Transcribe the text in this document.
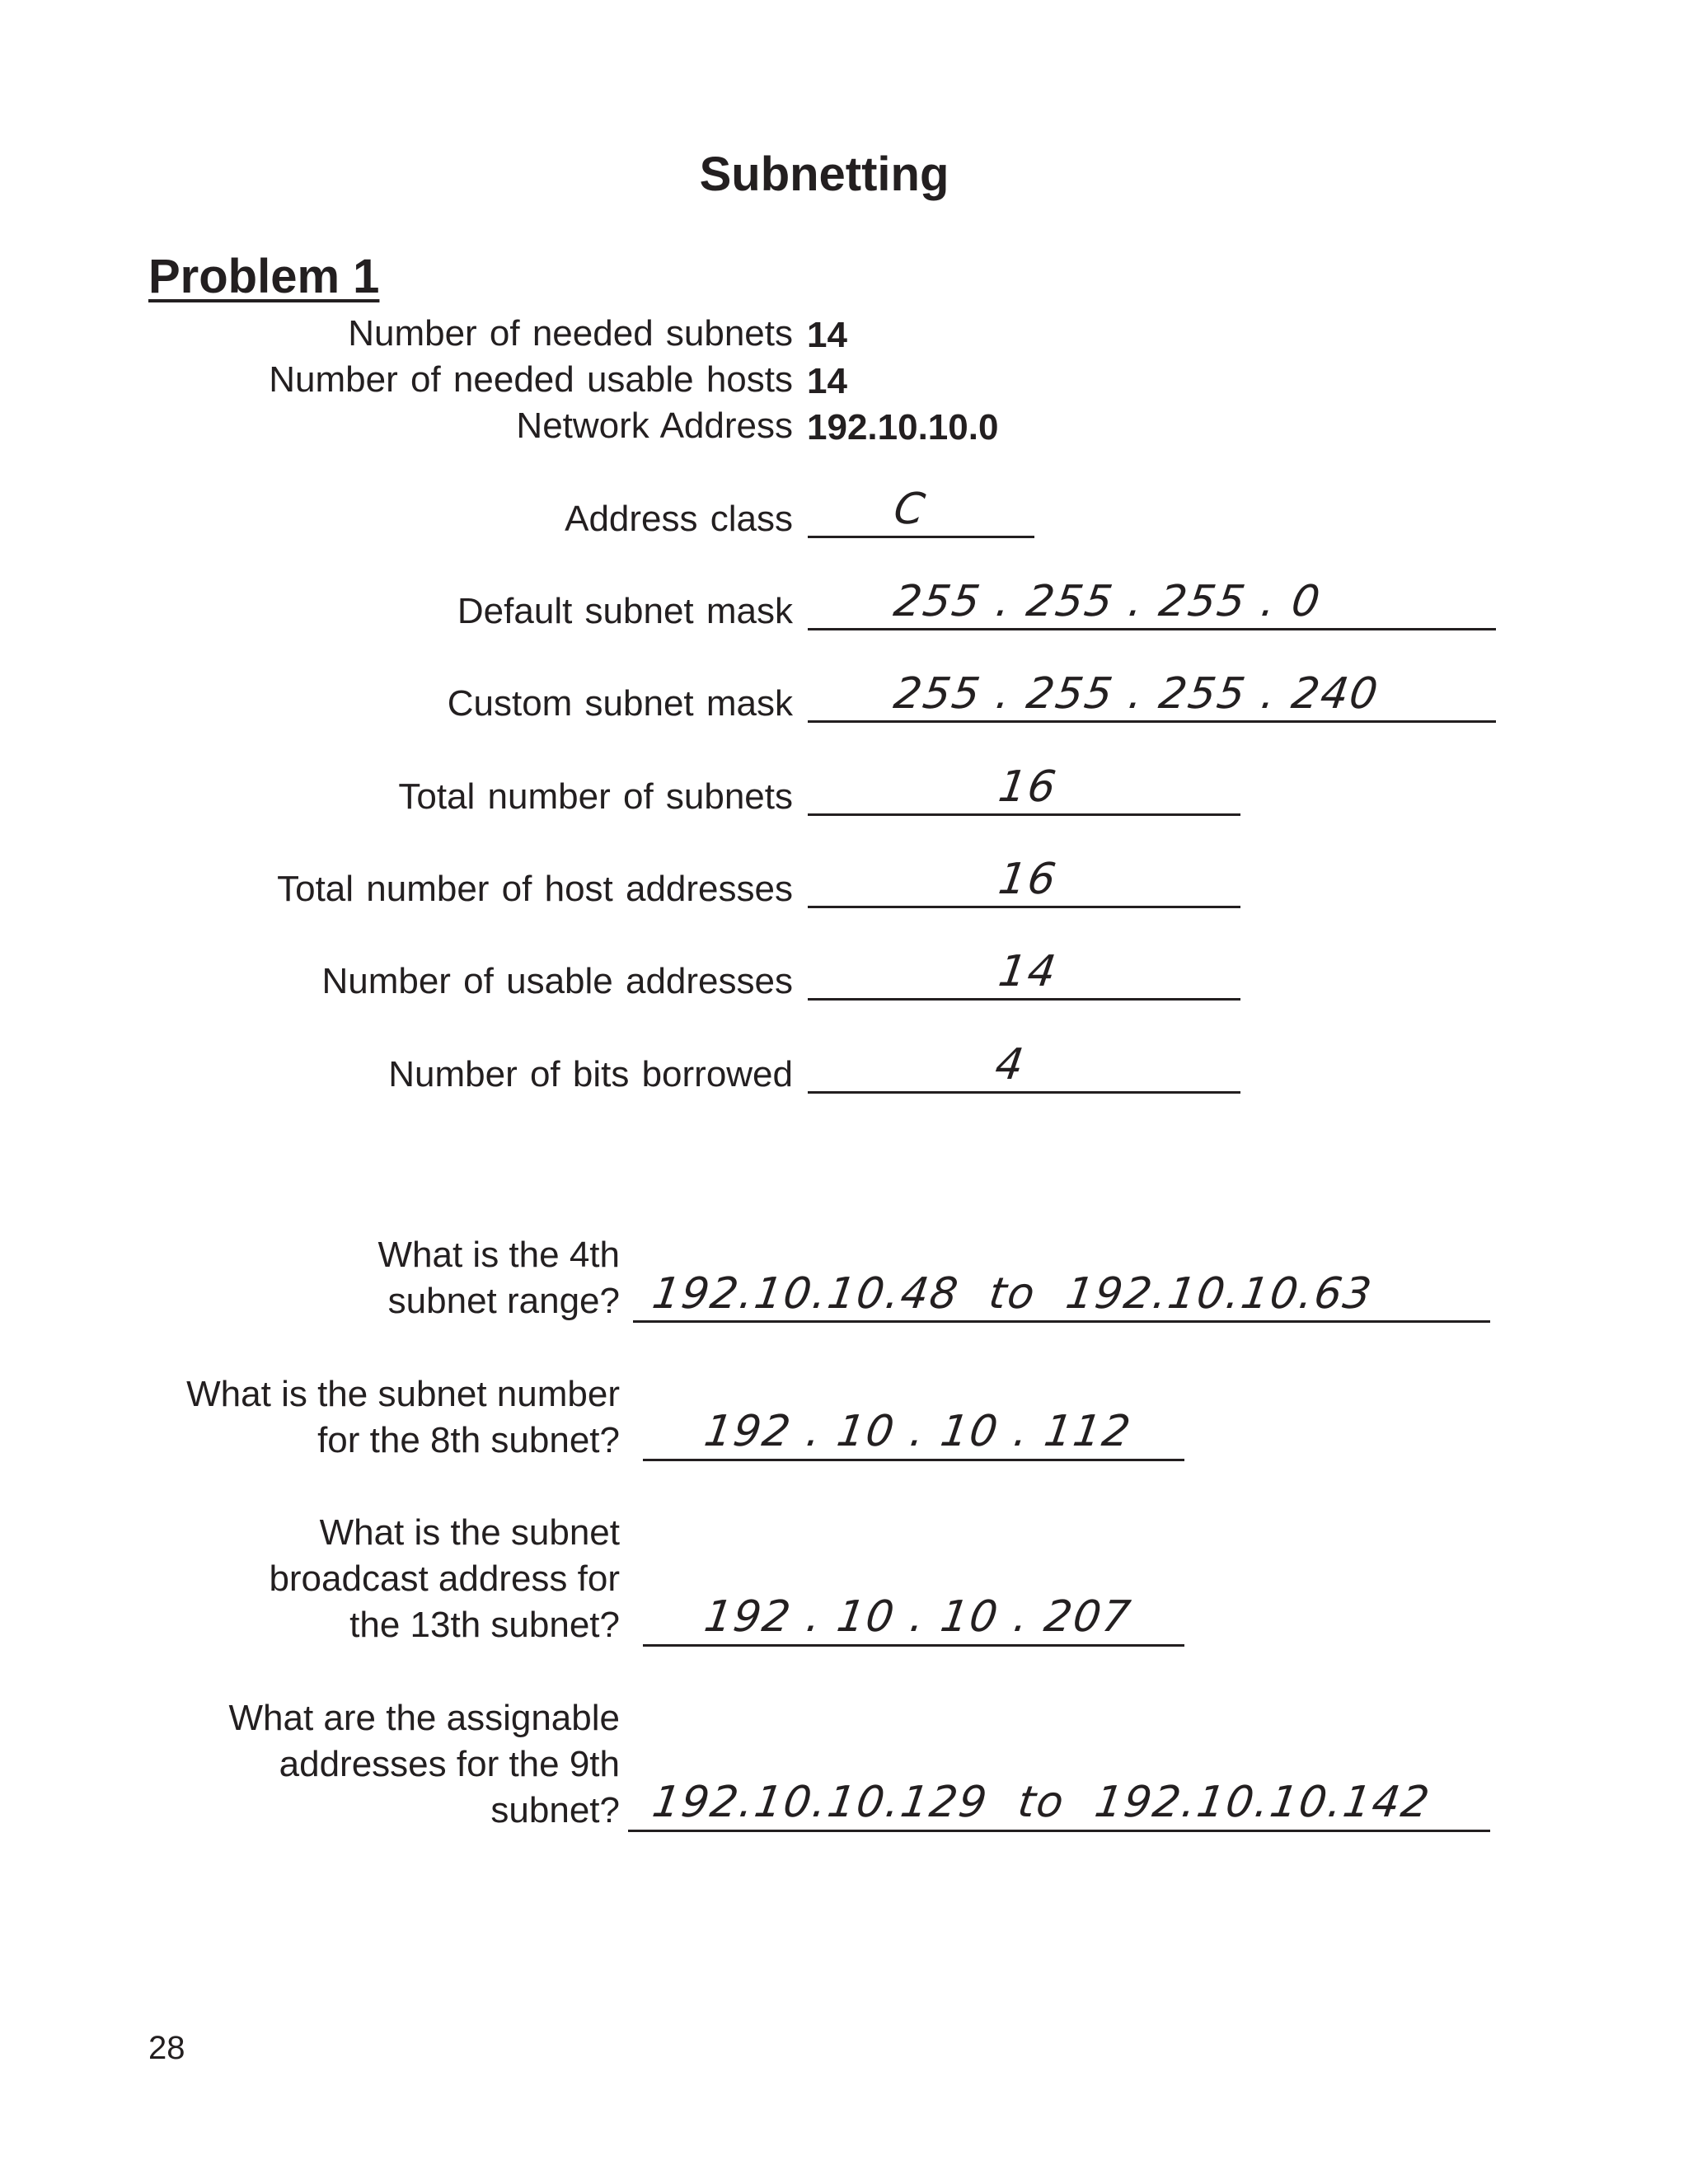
Subnetting
Problem 1
Number of needed subnets 14
Number of needed usable hosts 14
Network Address 192.10.10.0
Address class C
Default subnet mask 255 . 255 . 255 . 0
Custom subnet mask 255 . 255 . 255 . 240
Total number of subnets	16
Total number of host addresses	16
Number of usable addresses	14
Number of bits borrowed	4
What is the 4th
subnet range? 192.10.10.48  to  192.10.10.63
What is the subnet number
for the 8th subnet? 192 . 10 . 10 . 112
What is the subnet
broadcast address for
the 13th subnet? 192 . 10 . 10 . 207
What are the assignable
addresses for the 9th
subnet? 192.10.10.129  to  192.10.10.142
28
